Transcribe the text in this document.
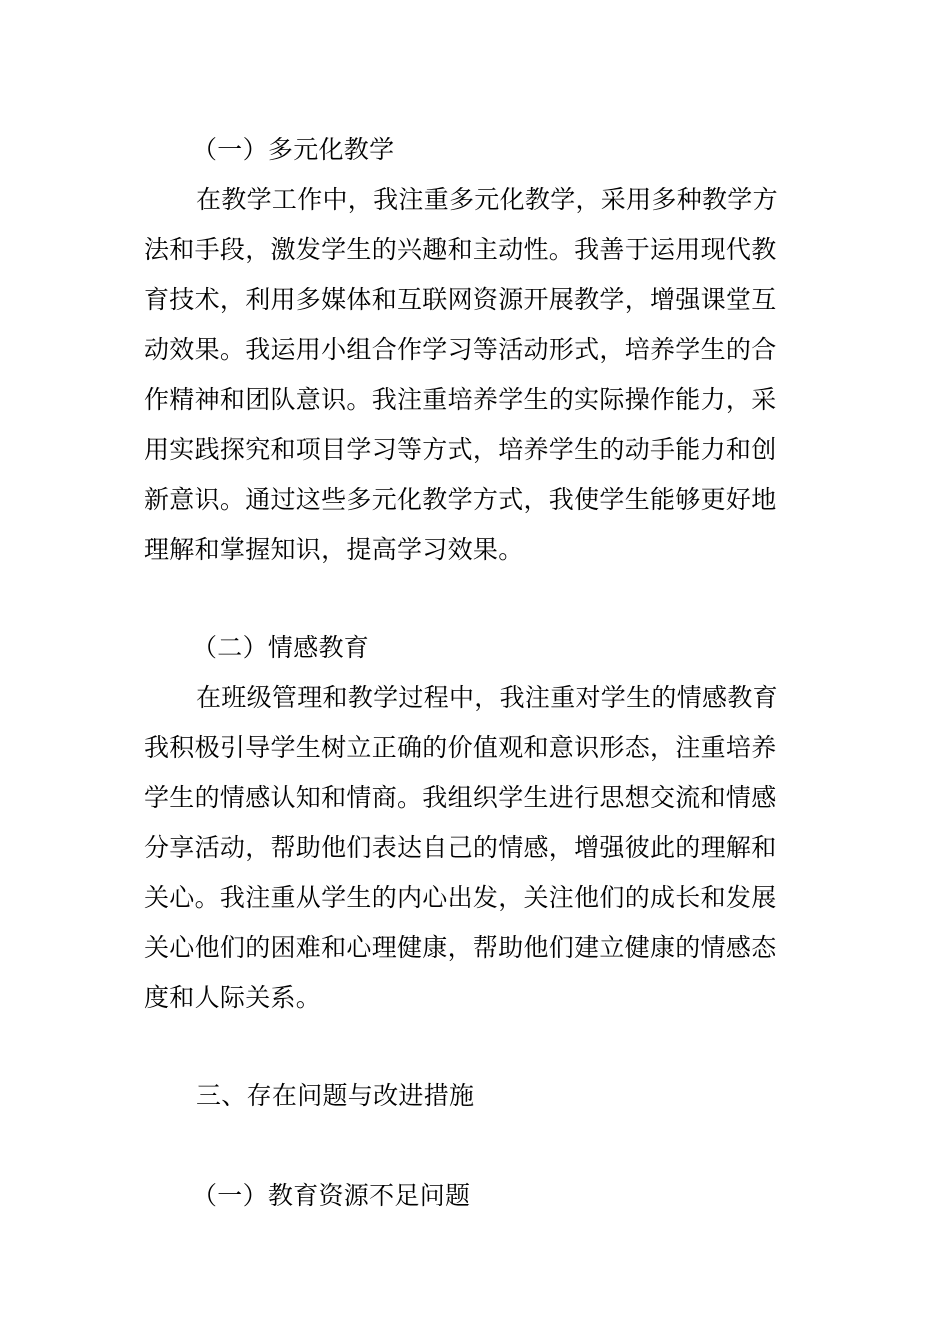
（一）多元化教学
在教学工作中，我注重多元化教学，采用多种教学方
法和手段，激发学生的兴趣和主动性。我善于运用现代教
育技术，利用多媒体和互联网资源开展教学，增强课堂互
动效果。我运用小组合作学习等活动形式，培养学生的合
作精神和团队意识。我注重培养学生的实际操作能力，采
用实践探究和项目学习等方式，培养学生的动手能力和创
新意识。通过这些多元化教学方式，我使学生能够更好地
理解和掌握知识，提高学习效果。
（二）情感教育
在班级管理和教学过程中，我注重对学生的情感教育
我积极引导学生树立正确的价值观和意识形态，注重培养
学生的情感认知和情商。我组织学生进行思想交流和情感
分享活动，帮助他们表达自己的情感，增强彼此的理解和
关心。我注重从学生的内心出发，关注他们的成长和发展
关心他们的困难和心理健康，帮助他们建立健康的情感态
度和人际关系。
三、存在问题与改进措施
（一）教育资源不足问题
